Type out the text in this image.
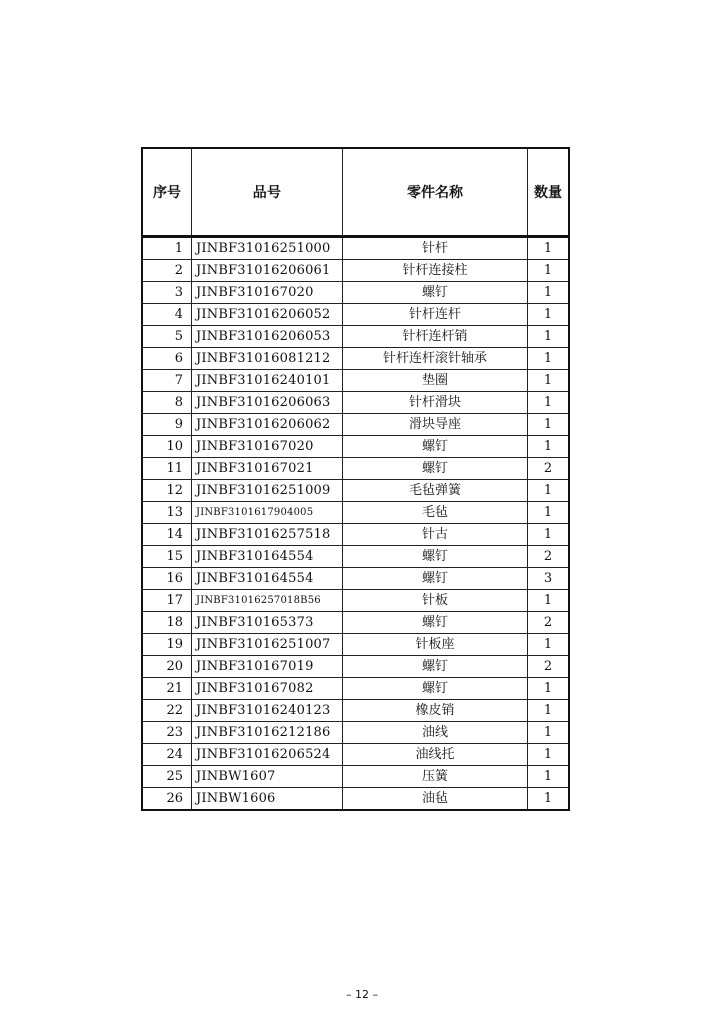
序号	品号	零件名称	数量
1	JINBF31016251000	针杆	1
2	JINBF31016206061	针杆连接柱	1
3	JINBF310167020	螺钉	1
4	JINBF31016206052	针杆连杆	1
5	JINBF31016206053	针杆连杆销	1
6	JINBF31016081212	针杆连杆滚针轴承	1
7	JINBF31016240101	垫圈	1
8	JINBF31016206063	针杆滑块	1
9	JINBF31016206062	滑块导座	1
10	JINBF310167020	螺钉	1
11	JINBF310167021	螺钉	2
12	JINBF31016251009	毛毡弹簧	1
13	JINBF3101617904005	毛毡	1
14	JINBF31016257518	针古	1
15	JINBF310164554	螺钉	2
16	JINBF310164554	螺钉	3
17	JINBF31016257018B56	针板	1
18	JINBF310165373	螺钉	2
19	JINBF31016251007	针板座	1
20	JINBF310167019	螺钉	2
21	JINBF310167082	螺钉	1
22	JINBF31016240123	橡皮销	1
23	JINBF31016212186	油线	1
24	JINBF31016206524	油线托	1
25	JINBW1607	压簧	1
26	JINBW1606	油毡	1
– 12 –
